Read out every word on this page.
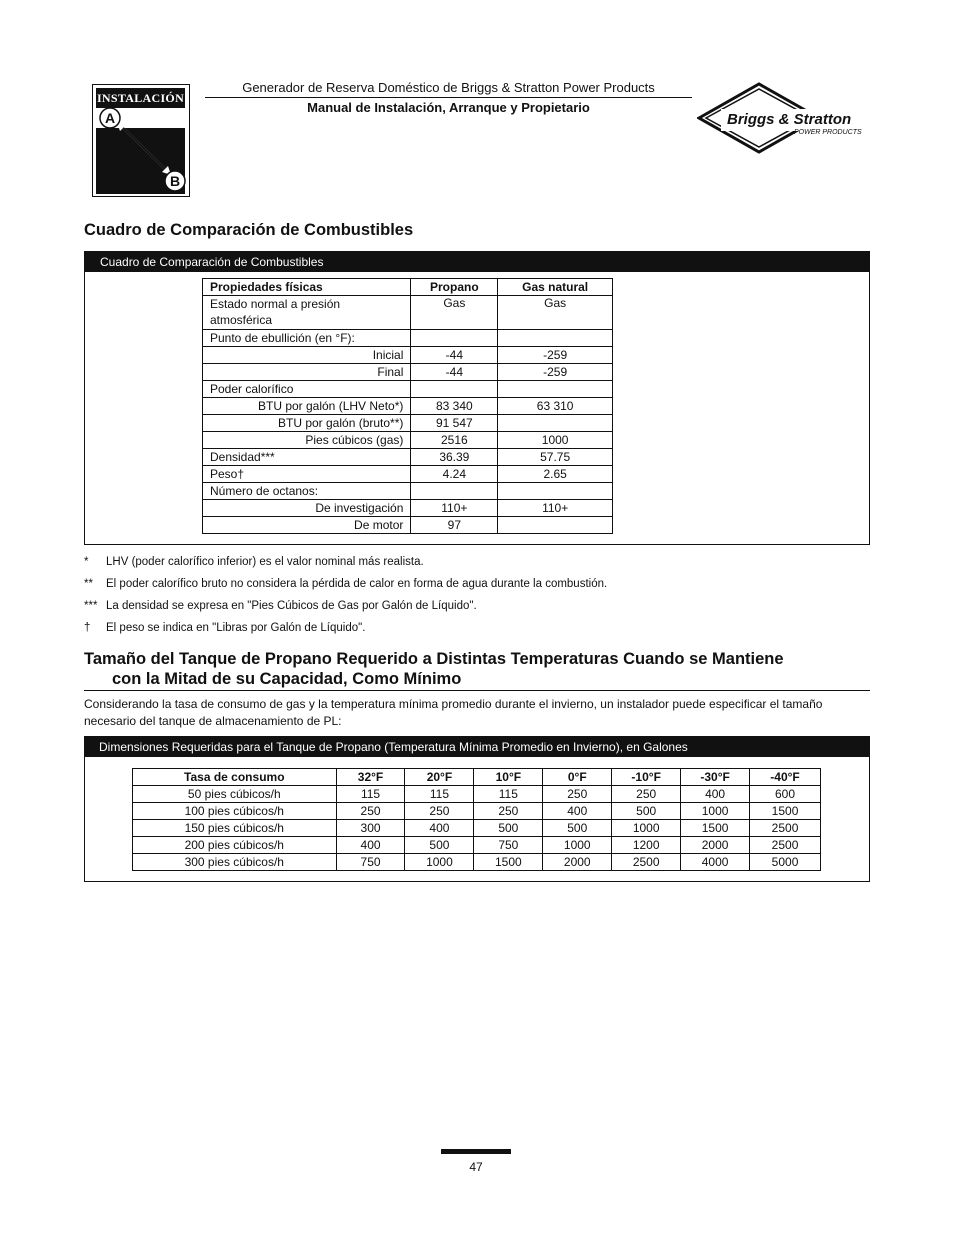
INSTALACIÓN
A
B
Generador de Reserva Doméstico de Briggs & Stratton Power Products
Manual de Instalación, Arranque y Propietario
Briggs & Stratton
POWER PRODUCTS
Cuadro de Comparación de Combustibles
Cuadro de Comparación de Combustibles
Propiedades físicas	Propano	Gas natural
Estado normal a presión atmosférica	Gas	Gas
Punto de ebullición (en °F):		
Inicial	-44	-259
Final	-44	-259
Poder calorífico		
BTU por galón (LHV Neto*)	83 340	63 310
BTU por galón (bruto**)	91 547	
Pies cúbicos (gas)	2516	1000
Densidad***	36.39	57.75
Peso†	4.24	2.65
Número de octanos:		
De investigación	110+	110+
De motor	97	
* LHV (poder calorífico inferior) es el valor nominal más realista.
** El poder calorífico bruto no considera la pérdida de calor en forma de agua durante la combustión.
*** La densidad se expresa en "Pies Cúbicos de Gas por Galón de Líquido".
† El peso se indica en "Libras por Galón de Líquido".
Tamaño del Tanque de Propano Requerido a Distintas Temperaturas Cuando se Mantiene
con la Mitad de su Capacidad, Como Mínimo

Considerando la tasa de consumo de gas y la temperatura mínima promedio durante el invierno, un instalador puede especificar el tamaño necesario del tanque de almacenamiento de PL:

Dimensiones Requeridas para el Tanque de Propano (Temperatura Mínima Promedio en Invierno), en Galones
Tasa de consumo	32°F	20°F	10°F	0°F	-10°F	-30°F	-40°F
50 pies cúbicos/h	115	115	115	250	250	400	600
100 pies cúbicos/h	250	250	250	400	500	1000	1500
150 pies cúbicos/h	300	400	500	500	1000	1500	2500
200 pies cúbicos/h	400	500	750	1000	1200	2000	2500
300 pies cúbicos/h	750	1000	1500	2000	2500	4000	5000
47
